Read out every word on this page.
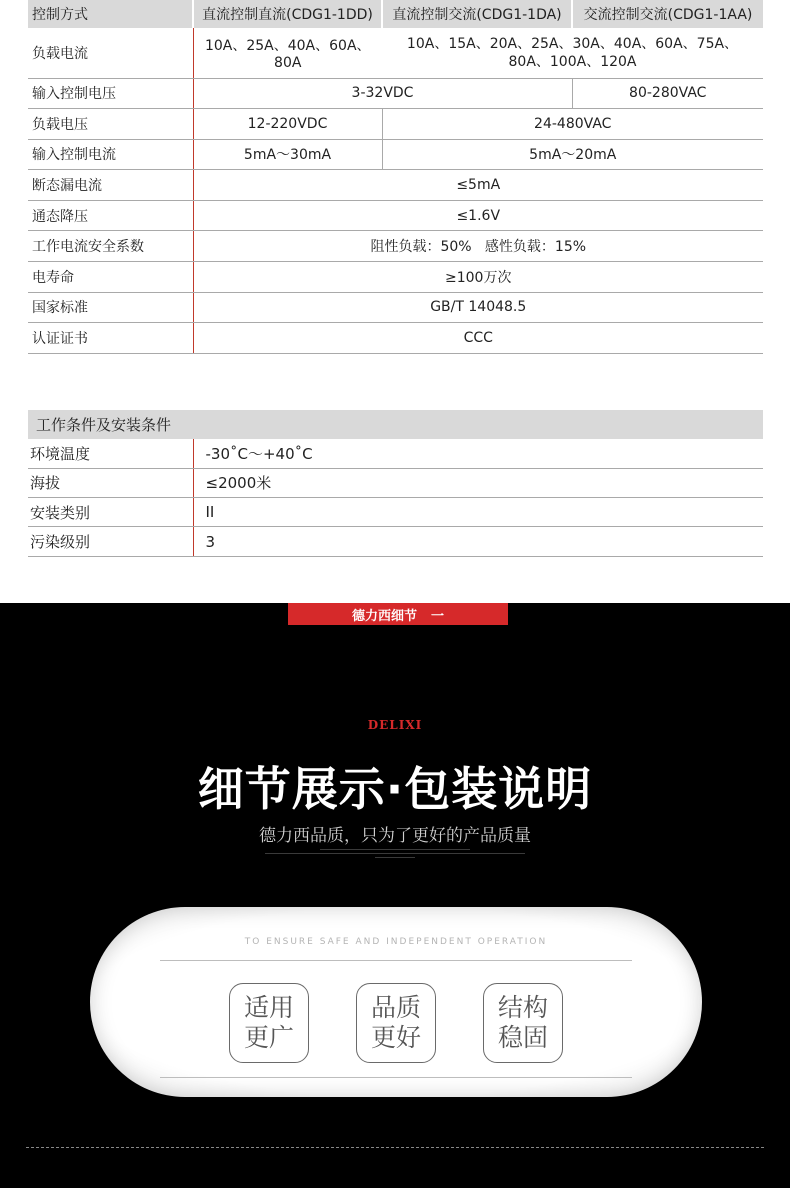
控制方式	直流控制直流(CDG1-1DD)	直流控制交流(CDG1-1DA)	交流控制交流(CDG1-1AA)
负载电流	10A、25A、40A、60A、80A	10A、15A、20A、25A、30A、40A、60A、75A、
80A、100A、120A	

输入控制电压	3-32VDC		80-280VAC
负载电压	12-220VDC	24-480VAC	
输入控制电流	5mA～30mA	5mA～20mA	
断态漏电流	≤5mA		
通态降压	≤1.6V		
工作电流安全系数	阻性负载：50%   感性负载：15%		
电寿命	≥100万次		
国家标准	GB/T 14048.5		
认证证书	CCC		
工作条件及安装条件	
环境温度	-30˚C～+40˚C
海拔	≤2000米
安装类别	II
污染级别	3
德力西细节 一
DELIXI
细节展示·包装说明
德力西品质，只为了更好的产品质量
TO ENSURE SAFE AND INDEPENDENT OPERATION
适用
更广
品质
更好
结构
稳固
